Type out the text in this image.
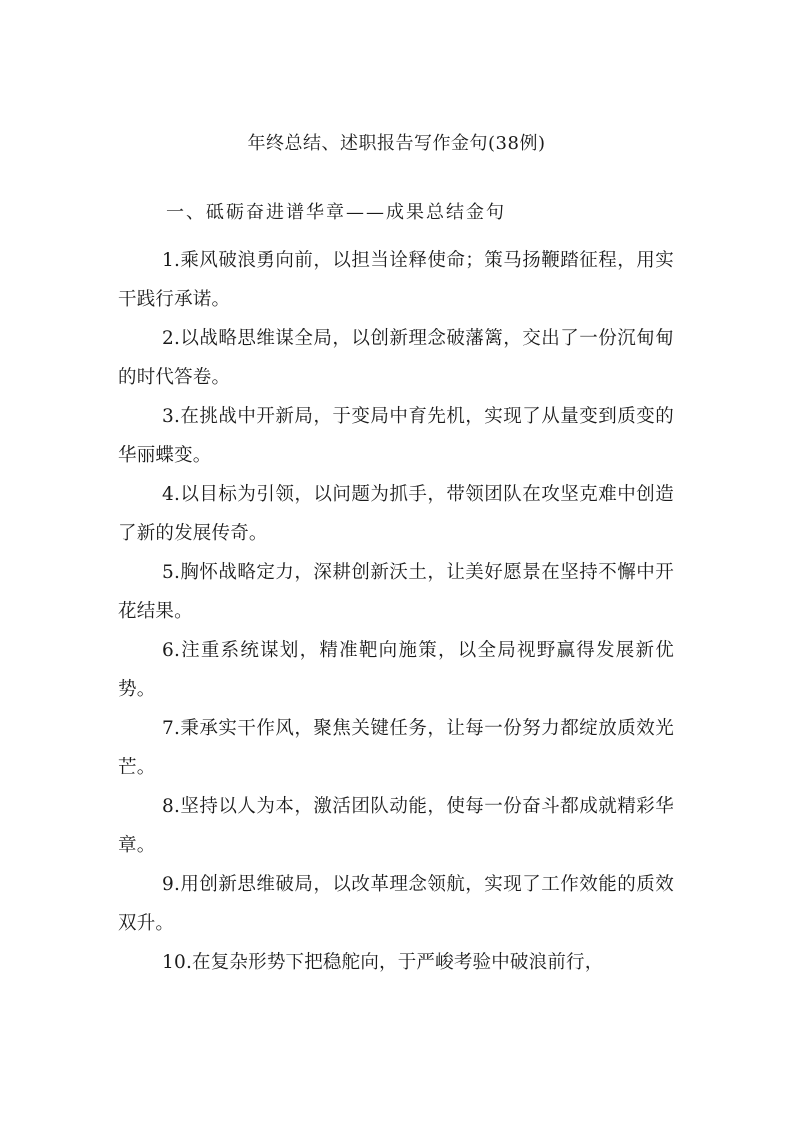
年终总结、述职报告写作金句(38例)
一、砥砺奋进谱华章——成果总结金句

1.乘风破浪勇向前，以担当诠释使命；策马扬鞭踏征程，用实干践行承诺。

2.以战略思维谋全局，以创新理念破藩篱，交出了一份沉甸甸的时代答卷。

3.在挑战中开新局，于变局中育先机，实现了从量变到质变的华丽蝶变。

4.以目标为引领，以问题为抓手，带领团队在攻坚克难中创造了新的发展传奇。

5.胸怀战略定力，深耕创新沃土，让美好愿景在坚持不懈中开花结果。

6.注重系统谋划，精准靶向施策，以全局视野赢得发展新优势。

7.秉承实干作风，聚焦关键任务，让每一份努力都绽放质效光芒。

8.坚持以人为本，激活团队动能，使每一份奋斗都成就精彩华章。

9.用创新思维破局，以改革理念领航，实现了工作效能的质效双升。

10.在复杂形势下把稳舵向，于严峻考验中破浪前行，
